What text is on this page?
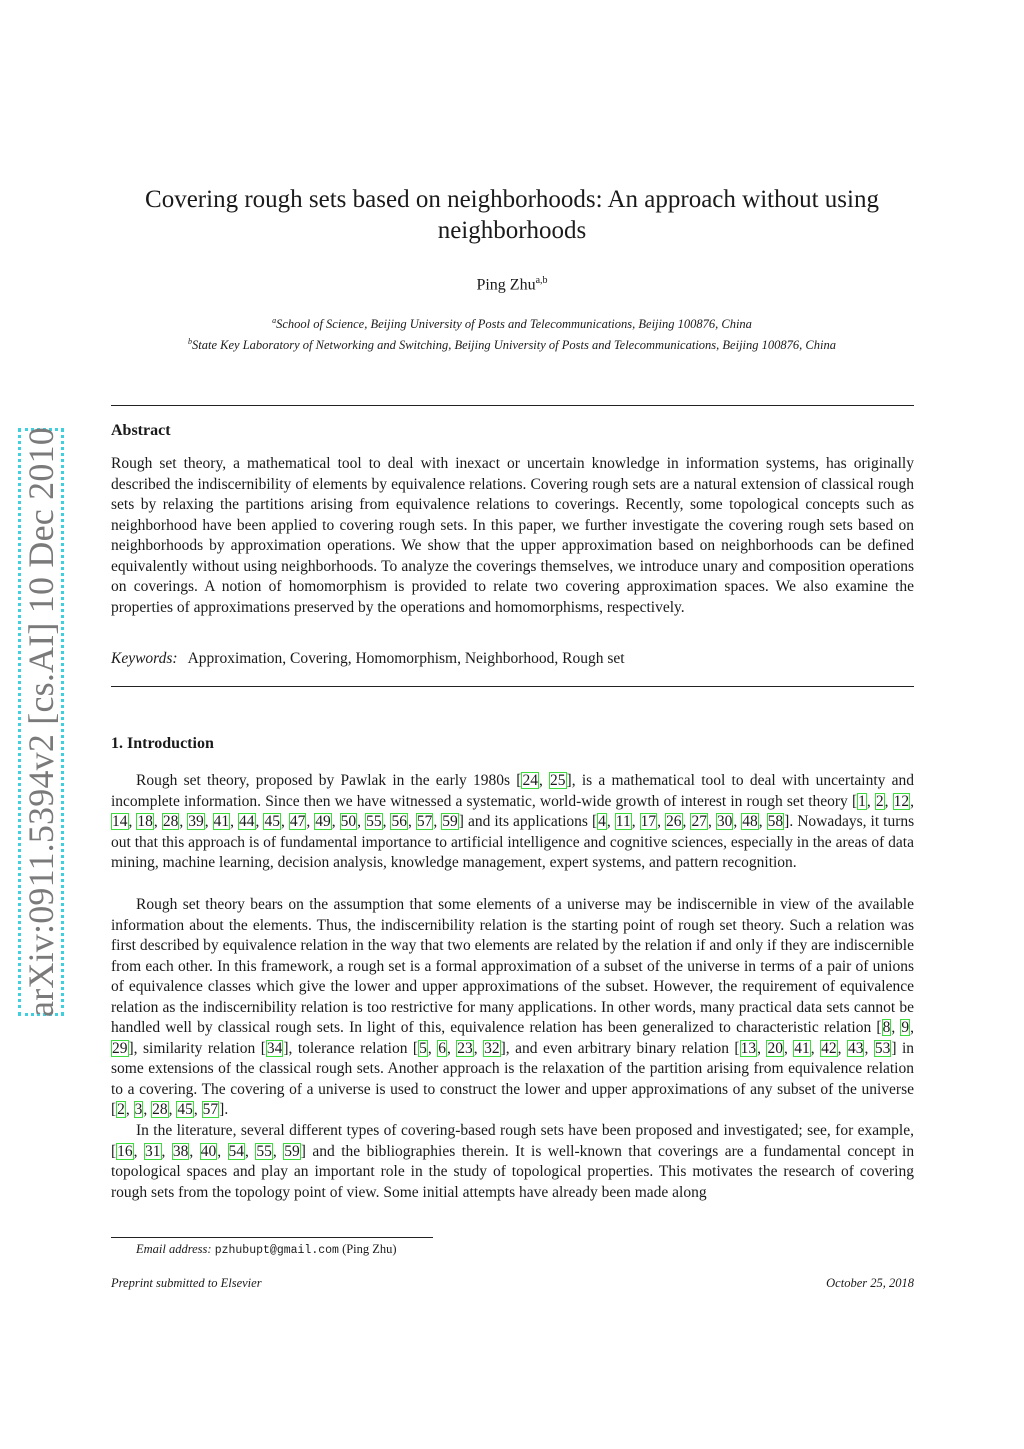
arXiv:0911.5394v2 [cs.AI] 10 Dec 2010
Covering rough sets based on neighborhoods: An approach without using
neighborhoods
Ping Zhu$^{a,b}$
$^a$School of Science, Beijing University of Posts and Telecommunications, Beijing 100876, China
$^b$State Key Laboratory of Networking and Switching, Beijing University of Posts and Telecommunications, Beijing 100876, China
Abstract
Rough set theory, a mathematical tool to deal with inexact or uncertain knowledge in information systems, has originally described the indiscernibility of elements by equivalence relations. Covering rough sets are a natural extension of classical rough sets by relaxing the partitions arising from equivalence relations to coverings. Recently, some topological concepts such as neighborhood have been applied to covering rough sets. In this paper, we further investigate the covering rough sets based on neighborhoods by approximation operations. We show that the upper approximation based on neighborhoods can be defined equivalently without using neighborhoods. To analyze the coverings themselves, we introduce unary and composition operations on coverings. A notion of homomorphism is provided to relate two covering approximation spaces. We also examine the properties of approximations preserved by the operations and homomorphisms, respectively.
Keywords: Approximation, Covering, Homomorphism, Neighborhood, Rough set
1. Introduction
Rough set theory, proposed by Pawlak in the early 1980s [24, 25], is a mathematical tool to deal with uncertainty and incomplete information. Since then we have witnessed a systematic, world-wide growth of interest in rough set theory [1, 2, 12, 14, 18, 28, 39, 41, 44, 45, 47, 49, 50, 55, 56, 57, 59] and its applications [4, 11, 17, 26, 27, 30, 48, 58]. Nowadays, it turns out that this approach is of fundamental importance to artificial intelligence and cognitive sciences, especially in the areas of data mining, machine learning, decision analysis, knowledge management, expert systems, and pattern recognition.
Rough set theory bears on the assumption that some elements of a universe may be indiscernible in view of the available information about the elements. Thus, the indiscernibility relation is the starting point of rough set theory. Such a relation was first described by equivalence relation in the way that two elements are related by the relation if and only if they are indiscernible from each other. In this framework, a rough set is a formal approximation of a subset of the universe in terms of a pair of unions of equivalence classes which give the lower and upper approximations of the subset. However, the requirement of equivalence relation as the indiscernibility relation is too restrictive for many applications. In other words, many practical data sets cannot be handled well by classical rough sets. In light of this, equivalence relation has been generalized to characteristic relation [8, 9, 29], similarity relation [34], tolerance relation [5, 6, 23, 32], and even arbitrary binary relation [13, 20, 41, 42, 43, 53] in some extensions of the classical rough sets. Another approach is the relaxation of the partition arising from equivalence relation to a covering. The covering of a universe is used to construct the lower and upper approximations of any subset of the universe [2, 3, 28, 45, 57].
In the literature, several different types of covering-based rough sets have been proposed and investigated; see, for example, [16, 31, 38, 40, 54, 55, 59] and the bibliographies therein. It is well-known that coverings are a fundamental concept in topological spaces and play an important role in the study of topological properties. This motivates the research of covering rough sets from the topology point of view. Some initial attempts have already been made along
Email address: pzhubupt@gmail.com (Ping Zhu)
Preprint submitted to Elsevier	October 25, 2018
